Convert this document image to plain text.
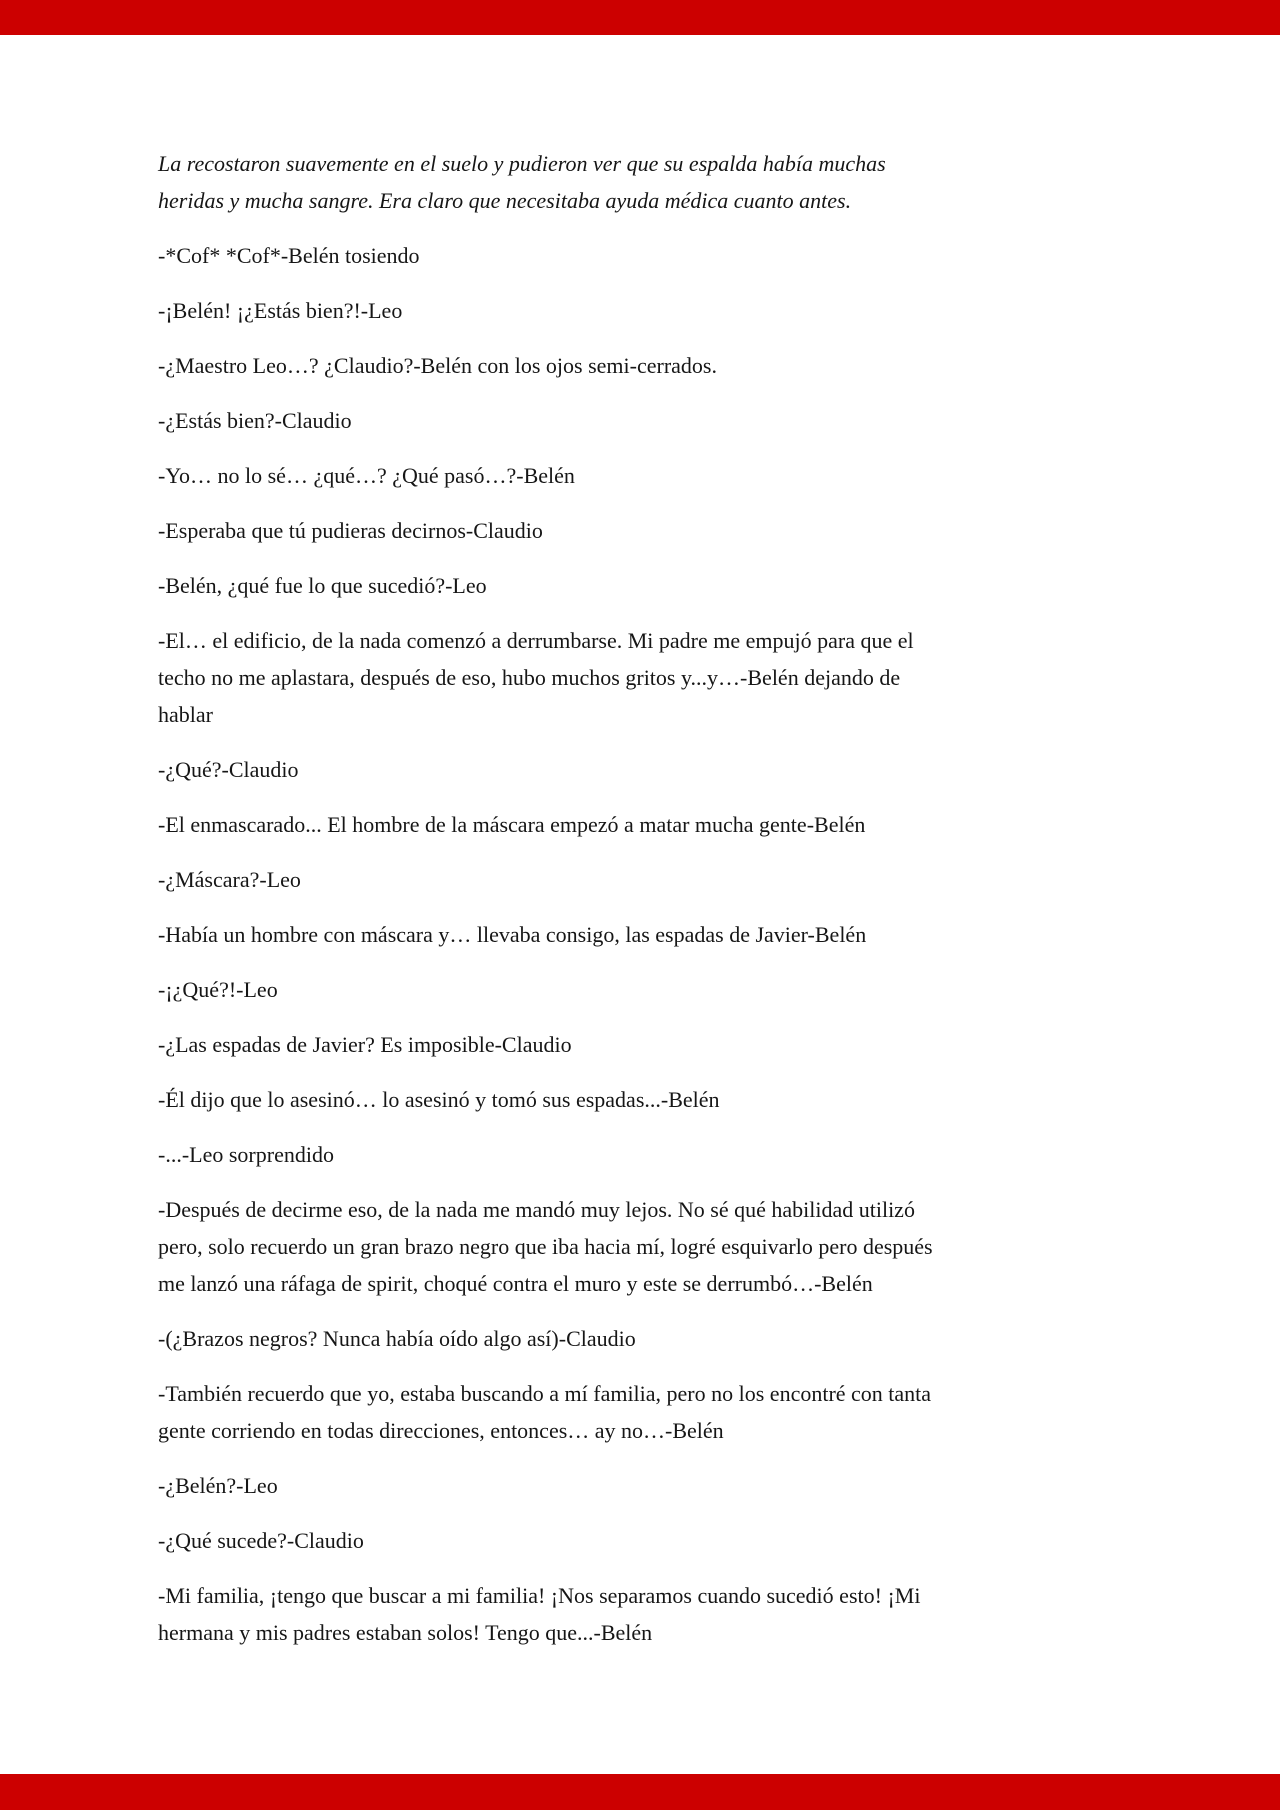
La recostaron suavemente en el suelo y pudieron ver que su espalda había muchas
heridas y mucha sangre. Era claro que necesitaba ayuda médica cuanto antes.

-*Cof* *Cof*-Belén tosiendo

-¡Belén! ¡¿Estás bien?!-Leo

-¿Maestro Leo…? ¿Claudio?-Belén con los ojos semi-cerrados.

-¿Estás bien?-Claudio

-Yo… no lo sé… ¿qué…? ¿Qué pasó…?-Belén

-Esperaba que tú pudieras decirnos-Claudio

-Belén, ¿qué fue lo que sucedió?-Leo

-El… el edificio, de la nada comenzó a derrumbarse. Mi padre me empujó para que el
techo no me aplastara, después de eso, hubo muchos gritos y...y…-Belén dejando de
hablar

-¿Qué?-Claudio

-El enmascarado... El hombre de la máscara empezó a matar mucha gente-Belén

-¿Máscara?-Leo

-Había un hombre con máscara y… llevaba consigo, las espadas de Javier-Belén

-¡¿Qué?!-Leo

-¿Las espadas de Javier? Es imposible-Claudio

-Él dijo que lo asesinó… lo asesinó y tomó sus espadas...-Belén

-...-Leo sorprendido

-Después de decirme eso, de la nada me mandó muy lejos. No sé qué habilidad utilizó
pero, solo recuerdo un gran brazo negro que iba hacia mí, logré esquivarlo pero después
me lanzó una ráfaga de spirit, choqué contra el muro y este se derrumbó…-Belén

-(¿Brazos negros? Nunca había oído algo así)-Claudio

-También recuerdo que yo, estaba buscando a mí familia, pero no los encontré con tanta
gente corriendo en todas direcciones, entonces… ay no…-Belén

-¿Belén?-Leo

-¿Qué sucede?-Claudio

-Mi familia, ¡tengo que buscar a mi familia! ¡Nos separamos cuando sucedió esto! ¡Mi
hermana y mis padres estaban solos! Tengo que...-Belén
